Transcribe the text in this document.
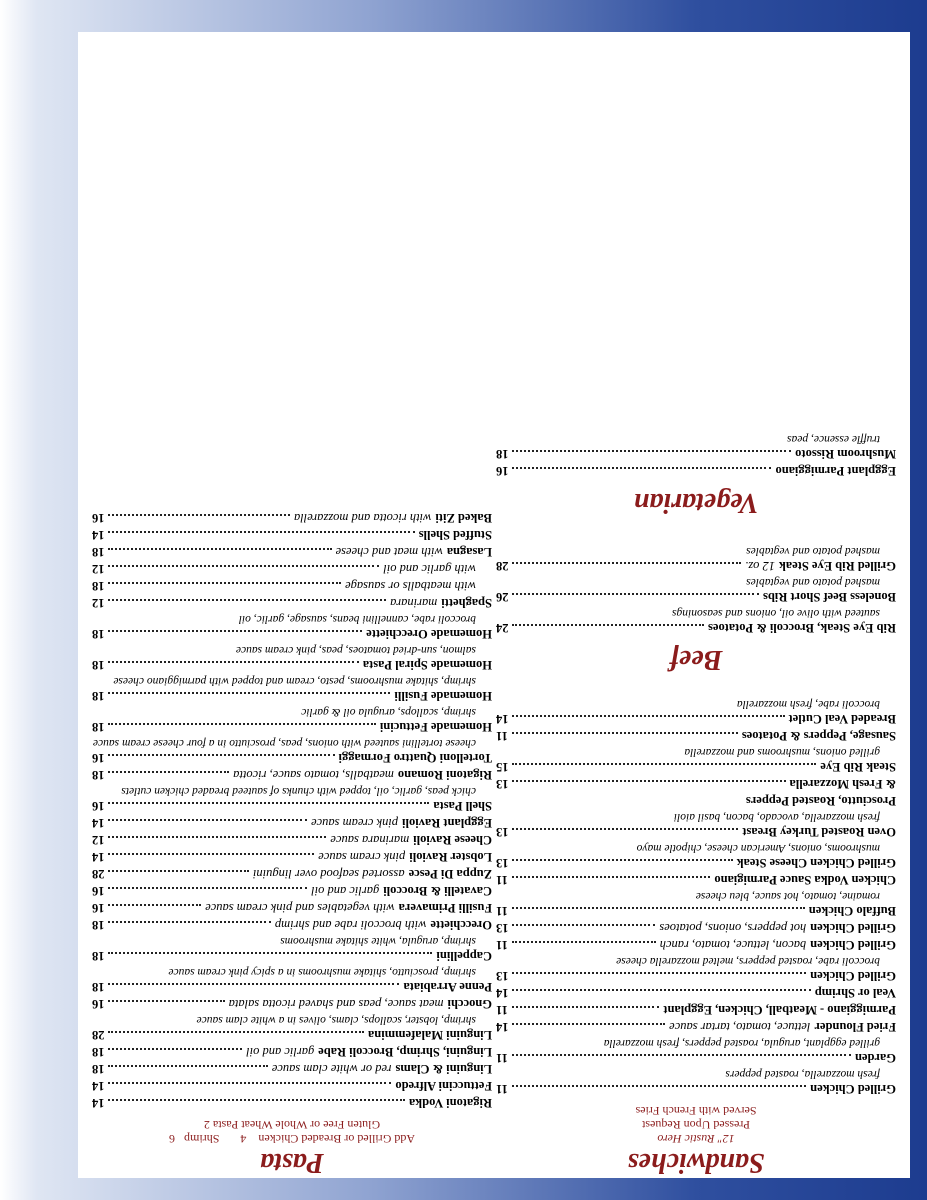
Sandwiches

12" Rustic Hero

Pressed Upon Request

Served with French Fries

Grilled Chicken
11
fresh mozzarella, roasted peppers
Garden
11
grilled eggplant, arugula, roasted peppers, fresh mozzarella
Fried Flounder
lettuce, tomato, tartar sauce
14
Parmiggiano - Meatball, Chicken, Eggplant
11
Veal or Shrimp
14
Grilled Chicken
13
broccoli rabe, roasted peppers, melted mozzarella cheese
Grilled Chicken
bacon, lettuce, tomato, ranch
11
Grilled Chicken
hot peppers, onions, potatoes
13
Buffalo Chicken
11
romaine, tomato, hot sauce, bleu cheese
Chicken Vodka Sauce Parmigiano
11
Grilled Chicken Cheese Steak
13
mushrooms, onions, American cheese, chipotle mayo
Oven Roasted Turkey Breast
13
fresh mozzarella, avocado, bacon, basil aioli
Prosciutto, Roasted Peppers
& Fresh Mozzarella
13
Steak Rib Eye
15
grilled onions, mushrooms and mozzarella
Sausage, Peppers & Potatoes
11
Breaded Veal Cutlet
14
broccoli rabe, fresh mozzarella
Beef
Rib Eye Steak, Broccoli & Potatoes
24
sauteed with olive oil, onions and seasonings
Boneless Beef Short Ribs
26
mashed potato and vegtables
Grilled Rib Eye Steak
12 oz.
28
mashed potato and vegtables
Vegetarian
Eggplant Parmiggiano
16
Mushroom Rissoto
18
truffle essence, peas
Pasta

Add Grilled or Breaded Chicken    4       Shrimp   6

Gluten Free or Whole Wheat Pasta 2

Rigatoni Vodka
14
Fettuccini Alfredo
14
Linguini & Clams
red or white clam sauce
18
Linguini, Shrimp, Broccoli Rabe
garlic and oil
18
Linguini Malafemmina
28
shrimp, lobster, scallops, clams, olives in a white clam sauce
Gnocchi
meat sauce, peas and shaved ricotta salata
16
Penne Arrabiata
18
shrimp, prosciutto, shitake mushrooms in a spicy pink cream sauce
Cappellini
18
shrimp, arugula, white shitake mushrooms
Orecchiette
with broccoli rabe and shrimp
18
Fusilli Primavera
with vegetables and pink cream sauce
16
Cavatelli & Broccoli
garlic and oil
16
Zuppa Di Pesce
assorted seafood over linguini
28
Lobster Ravioli
pink cream sauce
14
Cheese Ravioli
marinara sauce
12
Eggplant Ravioli
pink cream sauce
14
Shell Pasta
16
chick peas, garlic, oil, topped with chunks of sauteed breaded chicken cutlets
Rigatoni Romano
meatballs, tomato sauce, ricotta
18
Tortelloni Quattro Formaggi
16
cheese tortellini sauteed with onions, peas, prosciutto in a four cheese cream sauce
Homemade Fettucini
18
shrimp, scallops, arugula oil & garlic
Homemade Fusilli
18
shrimp, shitake mushrooms, pesto, cream and topped with parmiggiano cheese
Homemade Spiral Pasta
18
salmon, sun-dried tomatoes, peas, pink cream sauce
Homemade Orecchiette
18
broccoli rabe, cannellini beans, sausage, garlic, oil
Spaghetti
marinara
12
with meatballs or sausage
18
with garlic and oil
12
Lasagna
with meat and cheese
18
Stuffed Shells
14
Baked Ziti
with ricotta and mozzarella
16
